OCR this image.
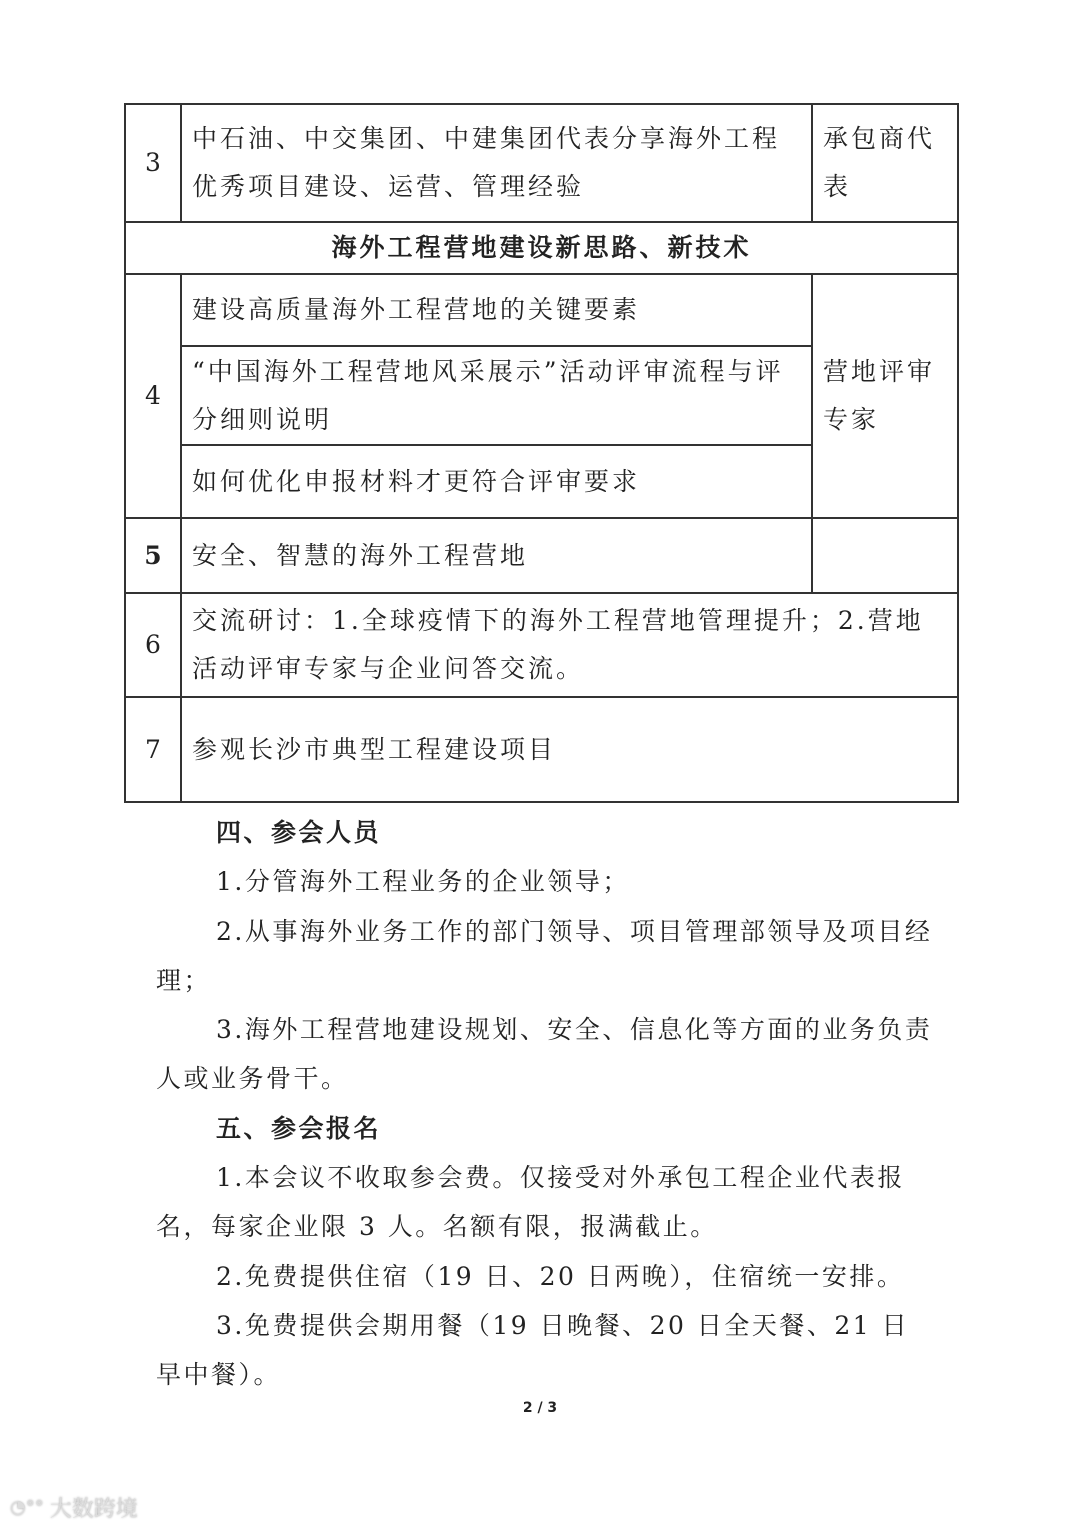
3	中石油、中交集团、中建集团代表分享海外工程优秀项目建设、运营、管理经验	承包商代表
海外工程营地建设新思路、新技术		
4	建设高质量海外工程营地的关键要素	营地评审专家
	“中国海外工程营地风采展示”活动评审流程与评分细则说明	
	如何优化申报材料才更符合评审要求	
5	安全、智慧的海外工程营地	
6	交流研讨：1.全球疫情下的海外工程营地管理提升；2.营地活动评审专家与企业问答交流。	
7	参观长沙市典型工程建设项目	

四、参会人员

1.分管海外工程业务的企业领导；

2.从事海外业务工作的部门领导、项目管理部领导及项目经理；

3.海外工程营地建设规划、安全、信息化等方面的业务负责人或业务骨干。

五、参会报名

1.本会议不收取参会费。仅接受对外承包工程企业代表报名，每家企业限 3 人。名额有限，报满截止。

2.免费提供住宿（19 日、20 日两晚），住宿统一安排。

3.免费提供会期用餐（19 日晚餐、20 日全天餐、21 日早中餐）。

2 / 3
◔°° 大数跨境
